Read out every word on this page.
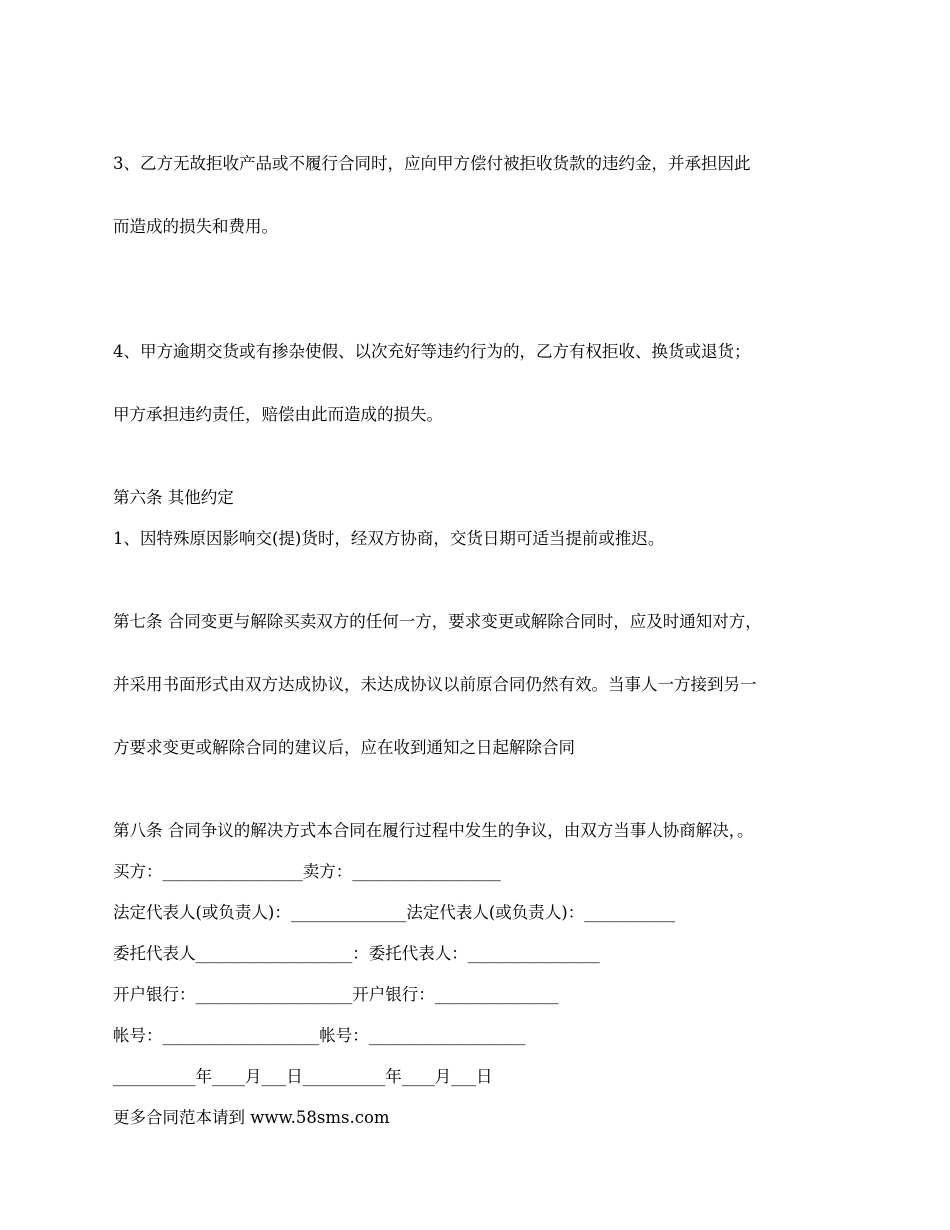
3、乙方无故拒收产品或不履行合同时，应向甲方偿付被拒收货款的违约金，并承担因此

而造成的损失和费用。

4、甲方逾期交货或有掺杂使假、以次充好等违约行为的，乙方有权拒收、换货或退货；

甲方承担违约责任，赔偿由此而造成的损失。

第六条 其他约定

1、因特殊原因影响交(提)货时，经双方协商，交货日期可适当提前或推迟。

第七条 合同变更与解除买卖双方的任何一方，要求变更或解除合同时，应及时通知对方，

并采用书面形式由双方达成协议，未达成协议以前原合同仍然有效。当事人一方接到另一

方要求变更或解除合同的建议后，应在收到通知之日起解除合同

第八条 合同争议的解决方式本合同在履行过程中发生的争议，由双方当事人协商解决，。

买方：_________________卖方：__________________

法定代表人(或负责人)：______________法定代表人(或负责人)：___________

委托代表人___________________：委托代表人：________________

开户银行：___________________开户银行：_______________

帐号：___________________帐号：___________________

__________年____月___日__________年____月___日

更多合同范本请到 www.58sms.com
